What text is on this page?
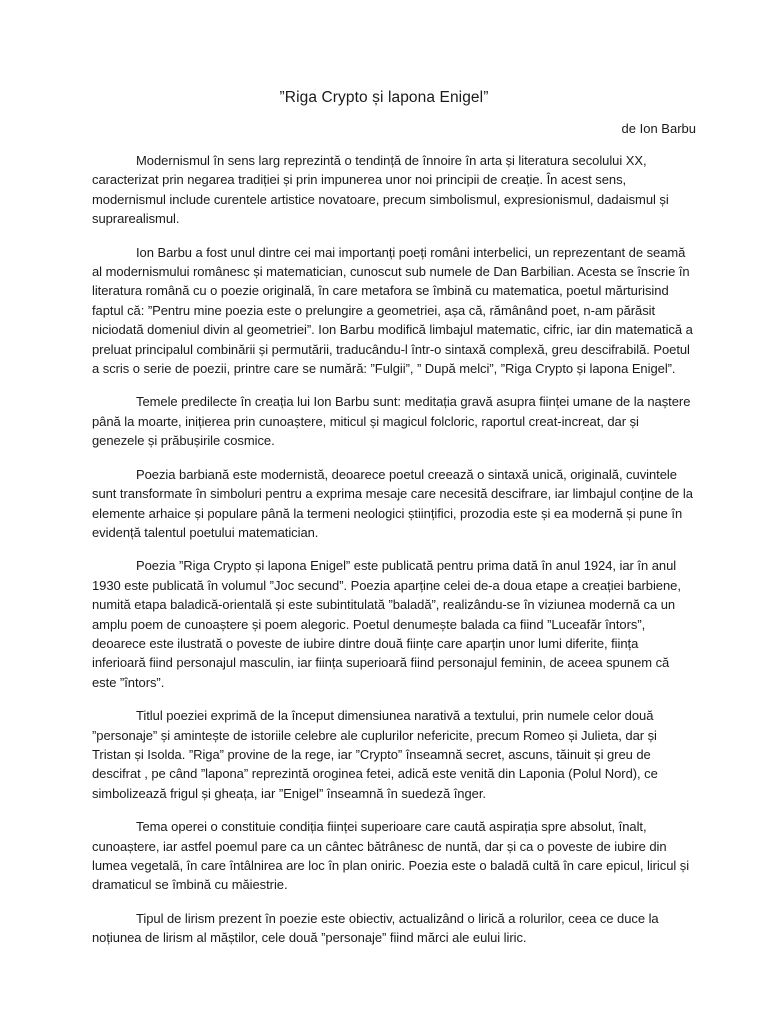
”Riga Crypto și lapona Enigel”

de Ion Barbu

Modernismul în sens larg reprezintă o tendință de înnoire în arta și literatura secolului XX, caracterizat prin negarea tradiției și prin impunerea unor noi principii de creație. În acest sens, modernismul include curentele artistice novatoare, precum simbolismul, expresionismul, dadaismul și suprarealismul.

Ion Barbu a fost unul dintre cei mai importanți poeți români interbelici, un reprezentant de seamă al modernismului românesc și matematician, cunoscut sub numele de Dan Barbilian. Acesta se înscrie în literatura română cu o poezie originală, în care metafora se îmbină cu matematica, poetul mărturisind faptul că: ”Pentru mine poezia este o prelungire a geometriei, așa că, rămânând poet, n-am părăsit niciodată domeniul divin al geometriei”. Ion Barbu modifică limbajul matematic, cifric, iar din matematică a preluat principalul combinării și permutării, traducându-l într-o sintaxă complexă, greu descifrabilă. Poetul a scris o serie de poezii, printre care se numără: ”Fulgii”, ” După melci”, ”Riga Crypto și lapona Enigel”.

Temele predilecte în creația lui Ion Barbu sunt: meditația gravă asupra ființei umane de la naștere până la moarte, inițierea prin cunoaștere, miticul și magicul folcloric, raportul creat-increat, dar și genezele și prăbușirile cosmice.

Poezia barbiană este modernistă, deoarece poetul creează o sintaxă unică, originală, cuvintele sunt transformate în simboluri pentru a exprima mesaje care necesită descifrare, iar limbajul conține de la elemente arhaice și populare până la termeni neologici științifici, prozodia este și ea modernă și pune în evidență talentul poetului matematician.

Poezia ”Riga Crypto și lapona Enigel” este publicată pentru prima dată în anul 1924, iar în anul 1930 este publicată în volumul ”Joc secund”. Poezia aparține celei de-a doua etape a creației barbiene, numită etapa baladică-orientală și este subintitulată ”baladă”, realizându-se în viziunea modernă ca un amplu poem de cunoaștere și poem alegoric. Poetul denumește balada ca fiind ”Luceafăr întors”, deoarece este ilustrată o poveste de iubire dintre două ființe care aparțin unor lumi diferite, ființa inferioară fiind personajul masculin, iar ființa superioară fiind personajul feminin, de aceea spunem că este ”întors”.

Titlul poeziei exprimă de la început dimensiunea narativă a textului, prin numele celor două ”personaje” și amintește de istoriile celebre ale cuplurilor nefericite, precum Romeo și Julieta, dar și Tristan și Isolda. ”Riga” provine de la rege, iar ”Crypto” înseamnă secret, ascuns, tăinuit și greu de descifrat , pe când ”lapona” reprezintă oroginea fetei, adică este venită din Laponia (Polul Nord), ce simbolizează frigul și gheața, iar ”Enigel” înseamnă în suedeză înger.

Tema operei o constituie condiția ființei superioare care caută aspirația spre absolut, înalt, cunoaștere, iar astfel poemul pare ca un cântec bătrânesc de nuntă, dar și ca o poveste de iubire din lumea vegetală, în care întâlnirea are loc în plan oniric. Poezia este o baladă cultă în care epicul, liricul și dramaticul se îmbină cu măiestrie.

Tipul de lirism prezent în poezie este obiectiv, actualizând o lirică a rolurilor, ceea ce duce la noțiunea de lirism al măștilor, cele două ”personaje” fiind mărci ale eului liric.
